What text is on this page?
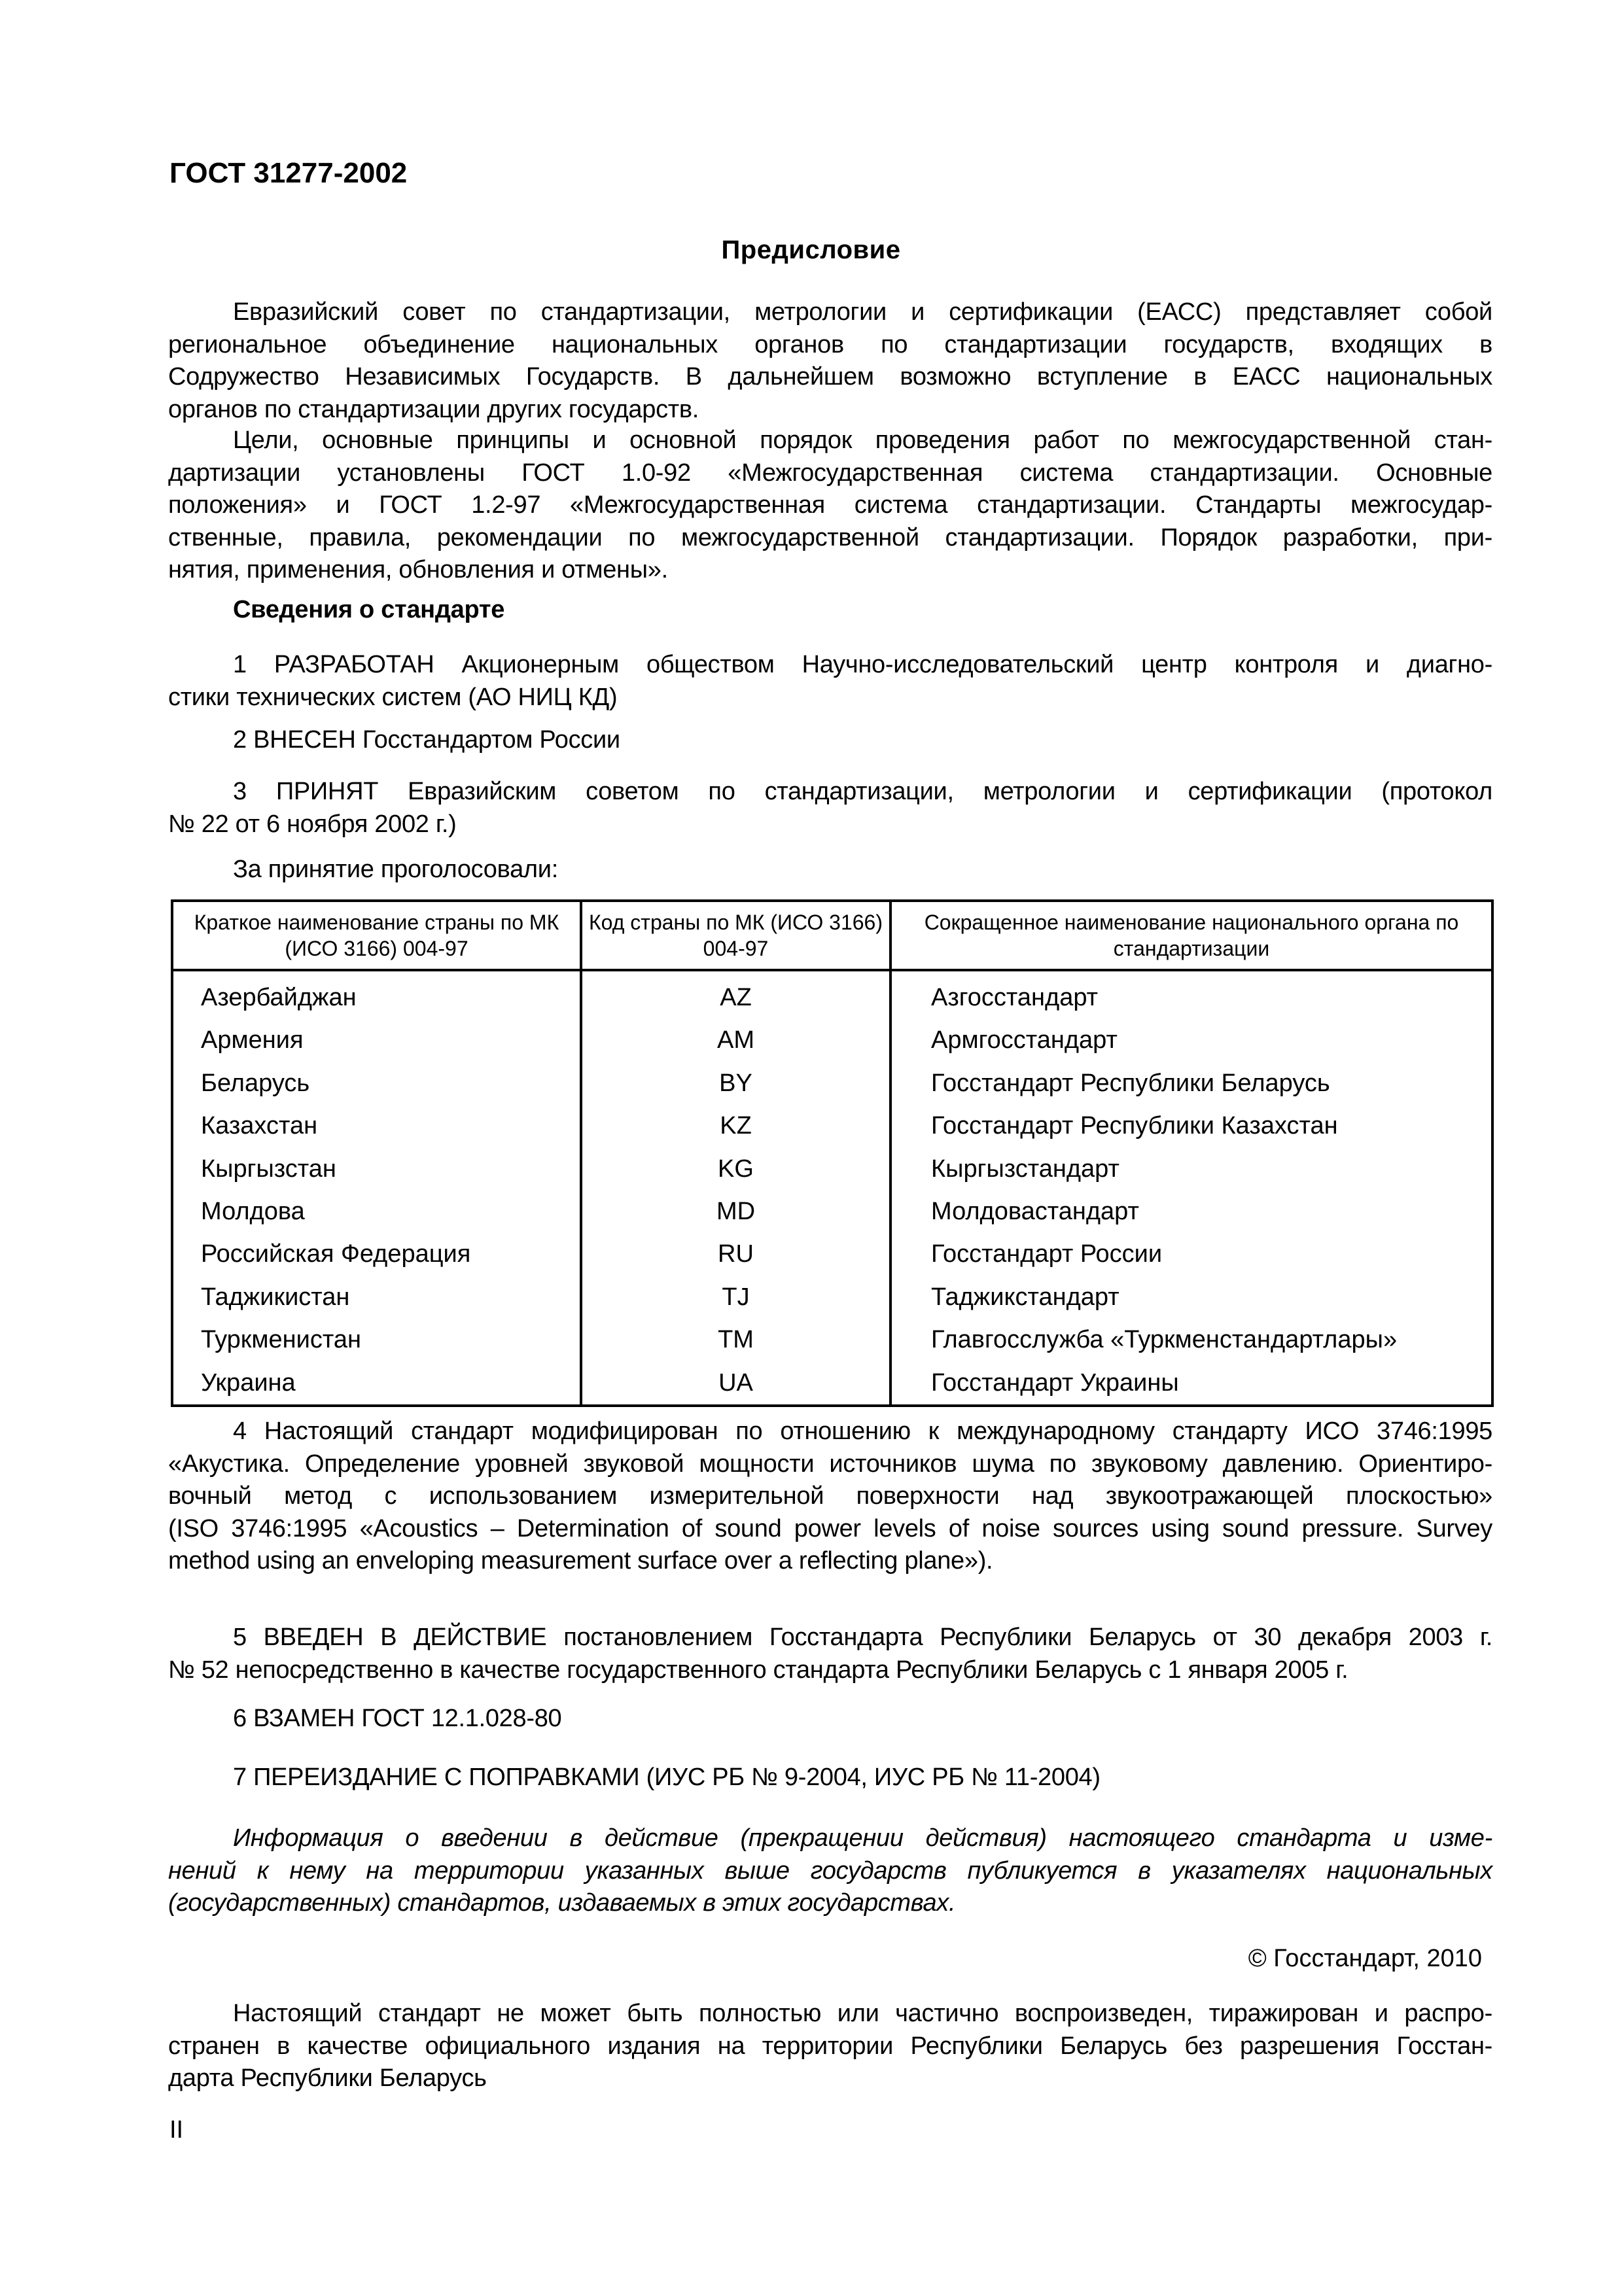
ГОСТ 31277-2002
Предисловие
Евразийский совет по стандартизации, метрологии и сертификации (ЕАСС) представляет собой
региональное объединение национальных органов по стандартизации государств, входящих в
Содружество Независимых Государств. В дальнейшем возможно вступление в ЕАСС национальных
органов по стандартизации других государств.
Цели, основные принципы и основной порядок проведения работ по межгосударственной стан-
дартизации установлены ГОСТ 1.0-92 «Межгосударственная система стандартизации. Основные
положения» и ГОСТ 1.2-97 «Межгосударственная система стандартизации. Стандарты межгосудар-
ственные, правила, рекомендации по межгосударственной стандартизации. Порядок разработки, при-
нятия, применения, обновления и отмены».
Сведения о стандарте
1 РАЗРАБОТАН Акционерным обществом Научно-исследовательский центр контроля и диагно-
стики технических систем (АО НИЦ КД)
2 ВНЕСЕН Госстандартом России
3 ПРИНЯТ Евразийским советом по стандартизации, метрологии и сертификации (протокол
№ 22 от 6 ноября 2002 г.)
За принятие проголосовали:
Краткое наименование страны по МК (ИСО 3166) 004-97	Код страны по МК (ИСО 3166) 004-97	Сокращенное наименование национального органа по стандартизации
Азербайджан	AZ	Азгосстандарт
Армения	AM	Армгосстандарт
Беларусь	BY	Госстандарт Республики Беларусь
Казахстан	KZ	Госстандарт Республики Казахстан
Кыргызстан	KG	Кыргызстандарт
Молдова	MD	Молдовастандарт
Российская Федерация	RU	Госстандарт России
Таджикистан	TJ	Таджикстандарт
Туркменистан	TM	Главгосслужба «Туркменстандартлары»
Украина	UA	Госстандарт Украины
4 Настоящий стандарт модифицирован по отношению к международному стандарту ИСО 3746:1995
«Акустика. Определение уровней звуковой мощности источников шума по звуковому давлению. Ориентиро-
вочный метод с использованием измерительной поверхности над звукоотражающей плоскостью»
(ISO 3746:1995 «Acoustics – Determination of sound power levels of noise sources using sound pressure. Survey
method using an enveloping measurement surface over a reflecting plane»).
5 ВВЕДЕН В ДЕЙСТВИЕ постановлением Госстандарта Республики Беларусь от 30 декабря 2003 г.
№ 52 непосредственно в качестве государственного стандарта Республики Беларусь с 1 января 2005 г.
6 ВЗАМЕН ГОСТ 12.1.028-80
7 ПЕРЕИЗДАНИЕ С ПОПРАВКАМИ (ИУС РБ № 9-2004, ИУС РБ № 11-2004)
Информация о введении в действие (прекращении действия) настоящего стандарта и изме-
нений к нему на территории указанных выше государств публикуется в указателях национальных
(государственных) стандартов, издаваемых в этих государствах.
© Госстандарт, 2010
Настоящий стандарт не может быть полностью или частично воспроизведен, тиражирован и распро-
странен в качестве официального издания на территории Республики Беларусь без разрешения Госстан-
дарта Республики Беларусь
II
